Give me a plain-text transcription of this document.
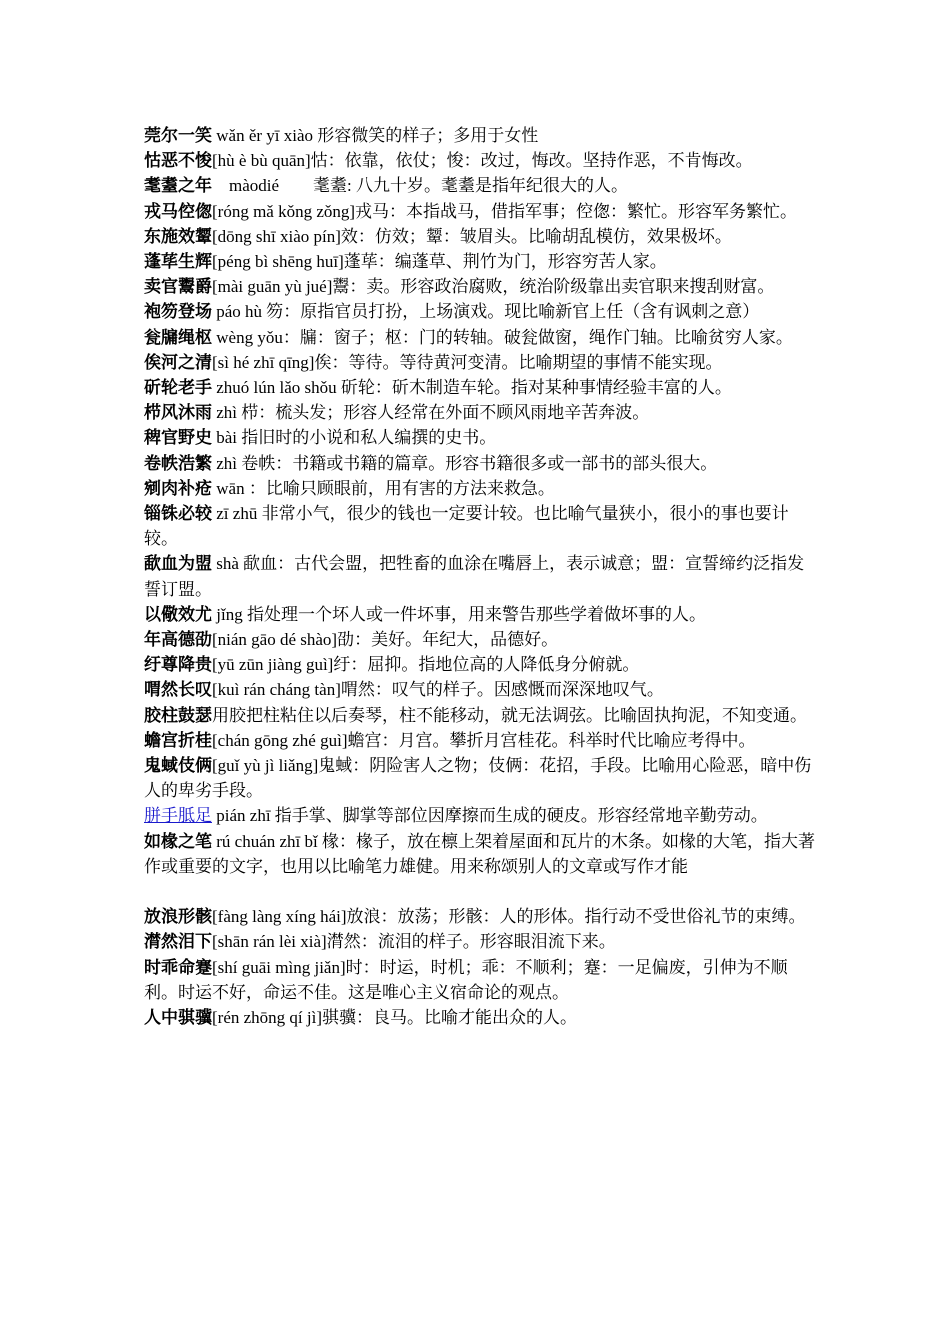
莞尔一笑 wǎn ěr yī xiào 形容微笑的样子；多用于女性

怙恶不悛[hù è bù quān]怙：依靠，依仗；悛：改过，悔改。坚持作恶，不肯悔改。

耄耋之年　màodié　　耄耋: 八九十岁。耄耋是指年纪很大的人。

戎马倥偬[róng mǎ kǒng zǒng]戎马：本指战马，借指军事；倥偬：繁忙。形容军务繁忙。

东施效颦[dōng shī xiào pín]效：仿效；颦：皱眉头。比喻胡乱模仿，效果极坏。

蓬荜生辉[péng bì shēng huī]蓬荜：编蓬草、荆竹为门，形容穷苦人家。

卖官鬻爵[mài guān yù jué]鬻：卖。形容政治腐败，统治阶级靠出卖官职来搜刮财富。

袍笏登场 páo hù 笏：原指官员打扮，上场演戏。现比喻新官上任（含有讽刺之意）

瓮牖绳枢 wèng yǒu：牖：窗子；枢：门的转轴。破瓮做窗，绳作门轴。比喻贫穷人家。

俟河之清[sì hé zhī qīng]俟：等待。等待黄河变清。比喻期望的事情不能实现。

斫轮老手 zhuó lún lǎo shǒu 斫轮：斫木制造车轮。指对某种事情经验丰富的人。

栉风沐雨 zhì 栉：梳头发；形容人经常在外面不顾风雨地辛苦奔波。

稗官野史 bài 指旧时的小说和私人编撰的史书。

卷帙浩繁 zhì 卷帙：书籍或书籍的篇章。形容书籍很多或一部书的部头很大。

剜肉补疮 wān ：比喻只顾眼前，用有害的方法来救急。

锱铢必较 zī zhū 非常小气，很少的钱也一定要计较。也比喻气量狭小，很小的事也要计较。

歃血为盟 shà 歃血：古代会盟，把牲畜的血涂在嘴唇上，表示诚意；盟：宣誓缔约泛指发誓订盟。

以儆效尤 jǐng 指处理一个坏人或一件坏事，用来警告那些学着做坏事的人。

年高德劭[nián gāo dé shào]劭：美好。年纪大，品德好。

纡尊降贵[yū zūn jiàng guì]纡：屈抑。指地位高的人降低身分俯就。

喟然长叹[kuì rán cháng tàn]喟然：叹气的样子。因感慨而深深地叹气。

胶柱鼓瑟用胶把柱粘住以后奏琴，柱不能移动，就无法调弦。比喻固执拘泥，不知变通。

蟾宫折桂[chán gōng zhé guì]蟾宫：月宫。攀折月宫桂花。科举时代比喻应考得中。

鬼蜮伎俩[guǐ yù jì liǎng]鬼蜮：阴险害人之物；伎俩：花招，手段。比喻用心险恶，暗中伤人的卑劣手段。

胼手胝足 pián zhī 指手掌、脚掌等部位因摩擦而生成的硬皮。形容经常地辛勤劳动。

如椽之笔 rú chuán zhī bǐ 椽：椽子，放在檩上架着屋面和瓦片的木条。如椽的大笔，指大著作或重要的文字，也用以比喻笔力雄健。用来称颂别人的文章或写作才能

放浪形骸[fàng làng xíng hái]放浪：放荡；形骸：人的形体。指行动不受世俗礼节的束缚。

潸然泪下[shān rán lèi xià]潸然：流泪的样子。形容眼泪流下来。

时乖命蹇[shí guāi mìng jiǎn]时：时运，时机；乖：不顺利；蹇：一足偏废，引伸为不顺利。时运不好，命运不佳。这是唯心主义宿命论的观点。

人中骐骥[rén zhōng qí jì]骐骥：良马。比喻才能出众的人。
